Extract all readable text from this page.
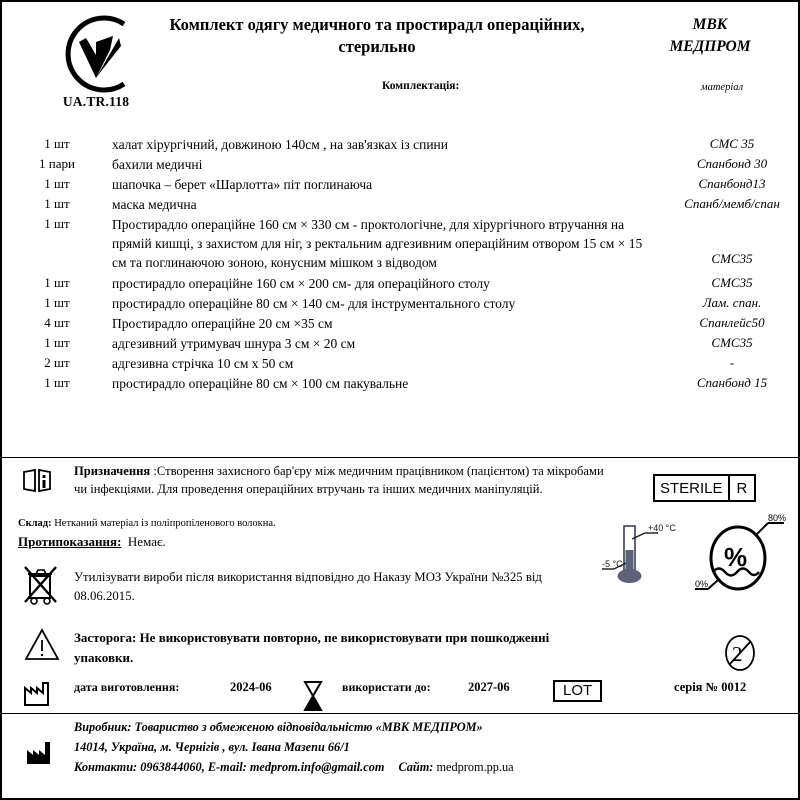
UA.TR.118
Комплект одягу медичного та простирадл операційних,
стерильно
МВК
МЕДПРОМ
Комплектація:	матеріал
1 шт	халат хірургічний, довжиною 140см , на зав'язках із спини	СМС 35
1 пари	бахили медичні	Спанбонд 30
1 шт	шапочка – берет «Шарлотта» піт поглинаюча	Спанбонд13
1 шт	маска медична	Спанб/мемб/спан
1 шт	Простирадло операційне 160 см × 330 см - проктологічне, для хірургічного втручання на прямій кишці, з захистом для ніг, з ректальним адгезивним операційним отвором 15 см × 15 см та поглинаючою зоною, конусним мішком з відводом	СМС35
1 шт	простирадло операційне 160 см × 200 см- для операційного столу	СМС35
1 шт	простирадло операційне 80 см × 140 см- для інструментального столу	Лам. спан.
4 шт	Простирадло операційне 20 см ×35 см	Спанлейс50
1 шт	адгезивний утримувач шнура 3 см × 20 см	СМС35
2 шт	адгезивна стрічка 10 см х 50 см	-
1 шт	простирадло операційне 80 см × 100 см пакувальне	Спанбонд 15
Призначення :Створення захисного бар'єру між медичним працівником (пацієнтом) та мікробами чи інфекціями. Для проведення операційних втручань та інших медичних маніпуляцій.
Склад: Нетканий матеріал із поліпропіленового волокна.
Протипоказання: Немає.
STERILE R
+40 °C
-5 °C	%
80%
0%
Утилізувати вироби після використання відповідно до Наказу МОЗ України №325 від 08.06.2015.
Засторога: Не використовувати повторно, пе використовувати при пошкодженні упаковки.	2
дата виготовлення:	2024-06	використати до:	2027-06	LOT	серія № 0012
Виробник: Товариство з обмеженою відповідальністю «МВК МЕДПРОМ»
14014, Україна, м. Чернігів , вул. Івана Мазепи 66/1
Контакти: 0963844060, E-mail: medprom.info@gmail.com Сайт: medprom.pp.ua
